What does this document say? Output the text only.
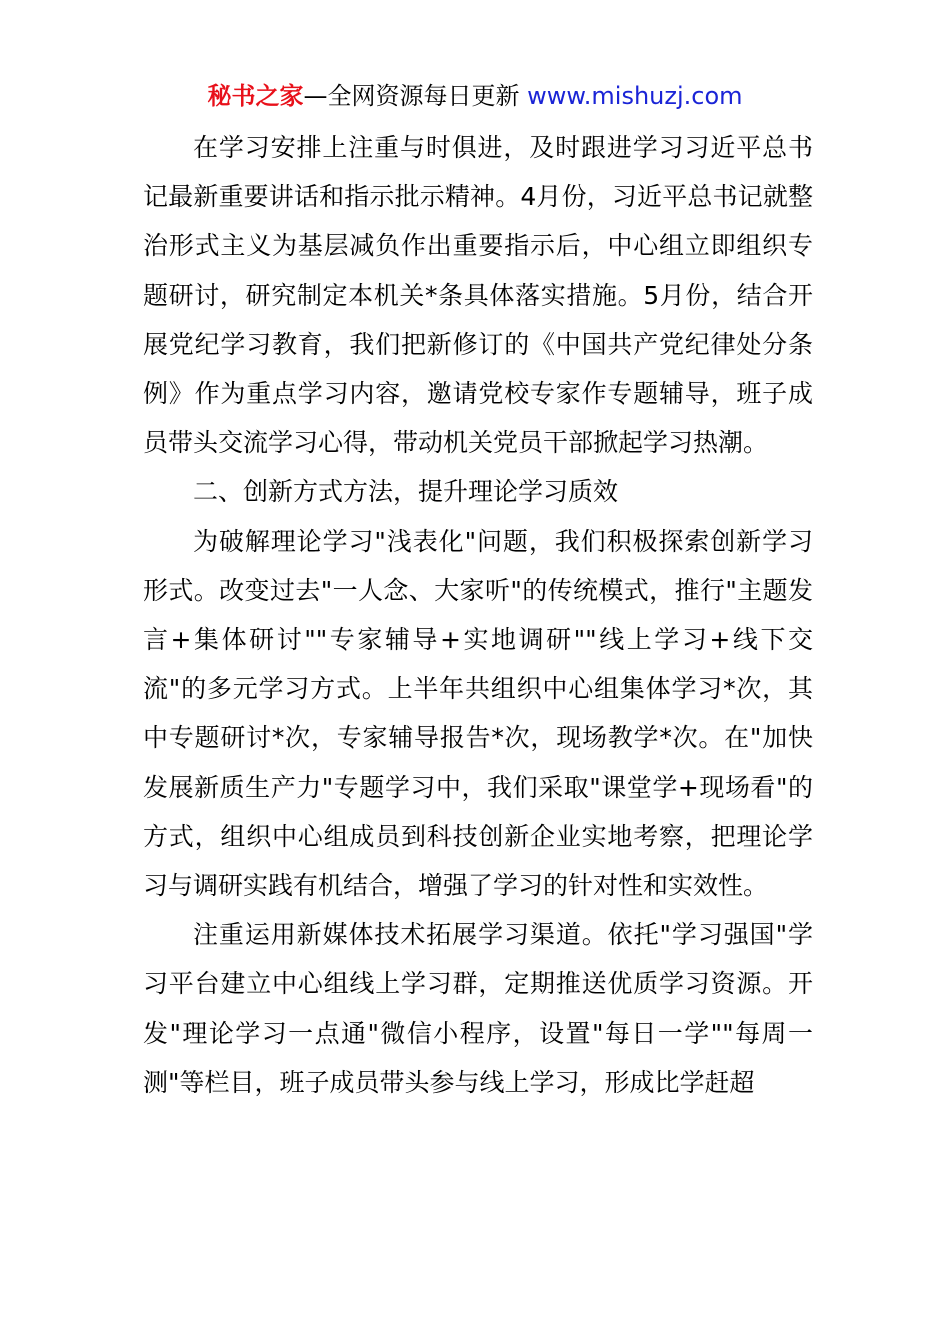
秘书之家—全网资源每日更新 www.mishuzj.com

在学习安排上注重与时俱进，及时跟进学习习近平总书记最新重要讲话和指示批示精神。4月份，习近平总书记就整治形式主义为基层减负作出重要指示后，中心组立即组织专题研讨，研究制定本机关*条具体落实措施。5月份，结合开展党纪学习教育，我们把新修订的《中国共产党纪律处分条例》作为重点学习内容，邀请党校专家作专题辅导，班子成员带头交流学习心得，带动机关党员干部掀起学习热潮。

二、创新方式方法，提升理论学习质效

为破解理论学习"浅表化"问题，我们积极探索创新学习形式。改变过去"一人念、大家听"的传统模式，推行"主题发言+集体研讨""专家辅导+实地调研""线上学习+线下交流"的多元学习方式。上半年共组织中心组集体学习*次，其中专题研讨*次，专家辅导报告*次，现场教学*次。在"加快发展新质生产力"专题学习中，我们采取"课堂学+现场看"的方式，组织中心组成员到科技创新企业实地考察，把理论学习与调研实践有机结合，增强了学习的针对性和实效性。

注重运用新媒体技术拓展学习渠道。依托"学习强国"学习平台建立中心组线上学习群，定期推送优质学习资源。开发"理论学习一点通"微信小程序，设置"每日一学""每周一测"等栏目，班子成员带头参与线上学习，形成比学赶超
